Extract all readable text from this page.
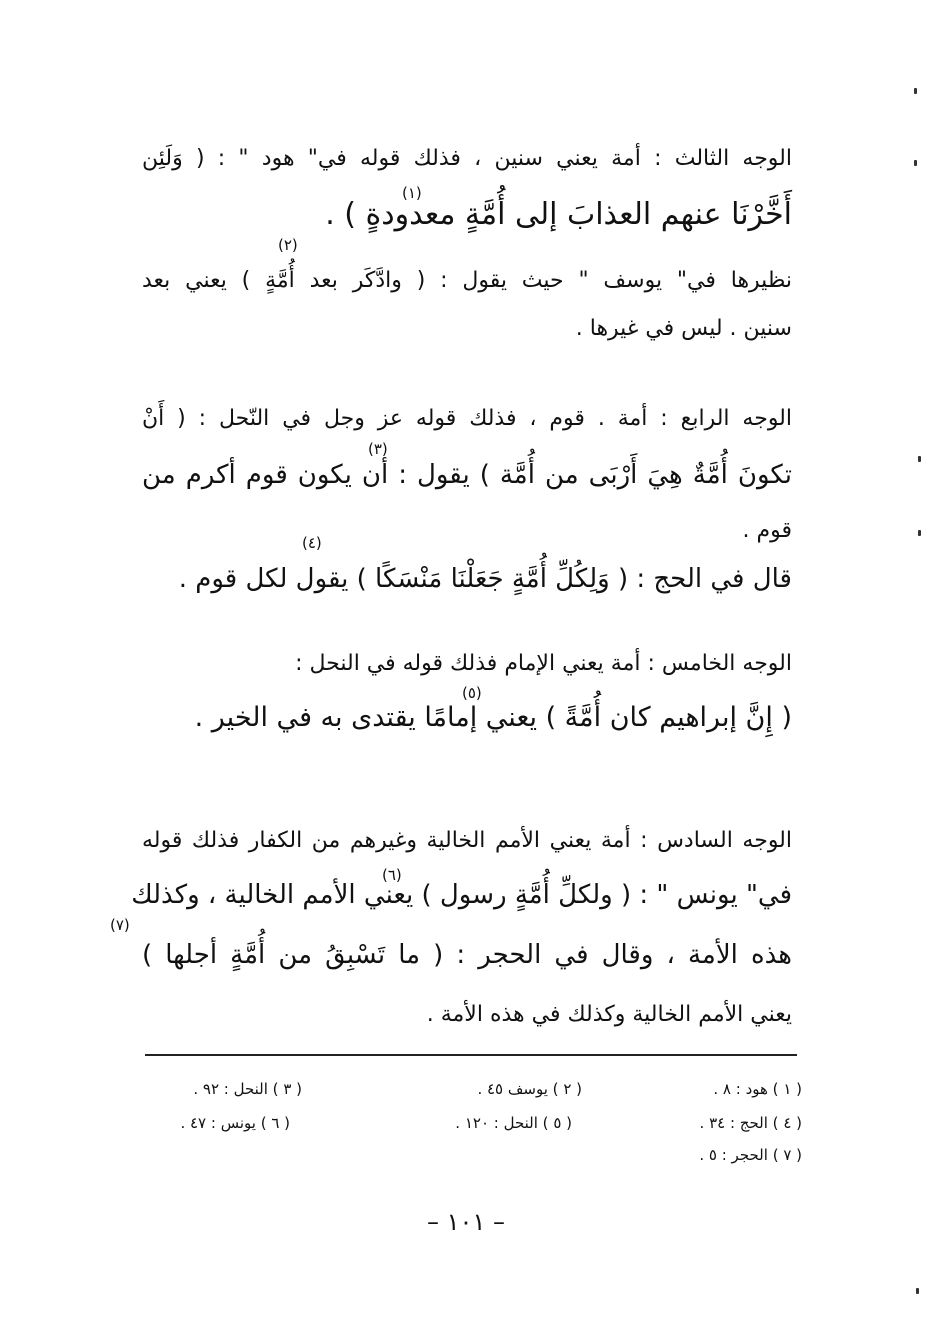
الوجه الثالث : أمة يعني سنين ، فذلك قوله في" هود " : ( وَلَئِن
(١)
أَخَّرْنَا عنهم العذابَ إلى أُمَّةٍ معدودةٍ ) .
(٢)
نظيرها في" يوسف " حيث يقول : ( وادَّكَر بعد أُمَّةٍ ) يعني بعد
سنين . ليس في غيرها .
الوجه الرابع : أمة . قوم ، فذلك قوله عز وجل في النّحل : ( أَنْ
(٣)
تكونَ أُمَّةٌ هِيَ أَرْبَى من أُمَّة ) يقول : أن يكون قوم أكرم من
قوم .
(٤)
قال في الحج : ( وَلِكُلِّ أُمَّةٍ جَعَلْنَا مَنْسَكًا ) يقول لكل قوم .
الوجه الخامس : أمة يعني الإمام فذلك قوله في النحل :
(٥)
( إِنَّ إبراهيم كان أُمَّةً ) يعني إمامًا يقتدى به في الخير .
الوجه السادس : أمة يعني الأمم الخالية وغيرهم من الكفار فذلك قوله
(٦)
في" يونس " : ( ولكلِّ أُمَّةٍ رسول ) يعني الأمم الخالية ، وكذلك
(٧)
هذه الأمة ، وقال في الحجر : ( ما تَسْبِقُ من أُمَّةٍ أجلها )
يعني الأمم الخالية وكذلك في هذه الأمة .
( ١ ) هود : ٨ .
( ٢ ) يوسف ٤٥ .
( ٣ ) النحل : ٩٢ .
( ٤ ) الحج : ٣٤ .
( ٥ ) النحل : ١٢٠ .
( ٦ ) يونس : ٤٧ .
( ٧ ) الحجر : ٥ .
– ١٠١ –
